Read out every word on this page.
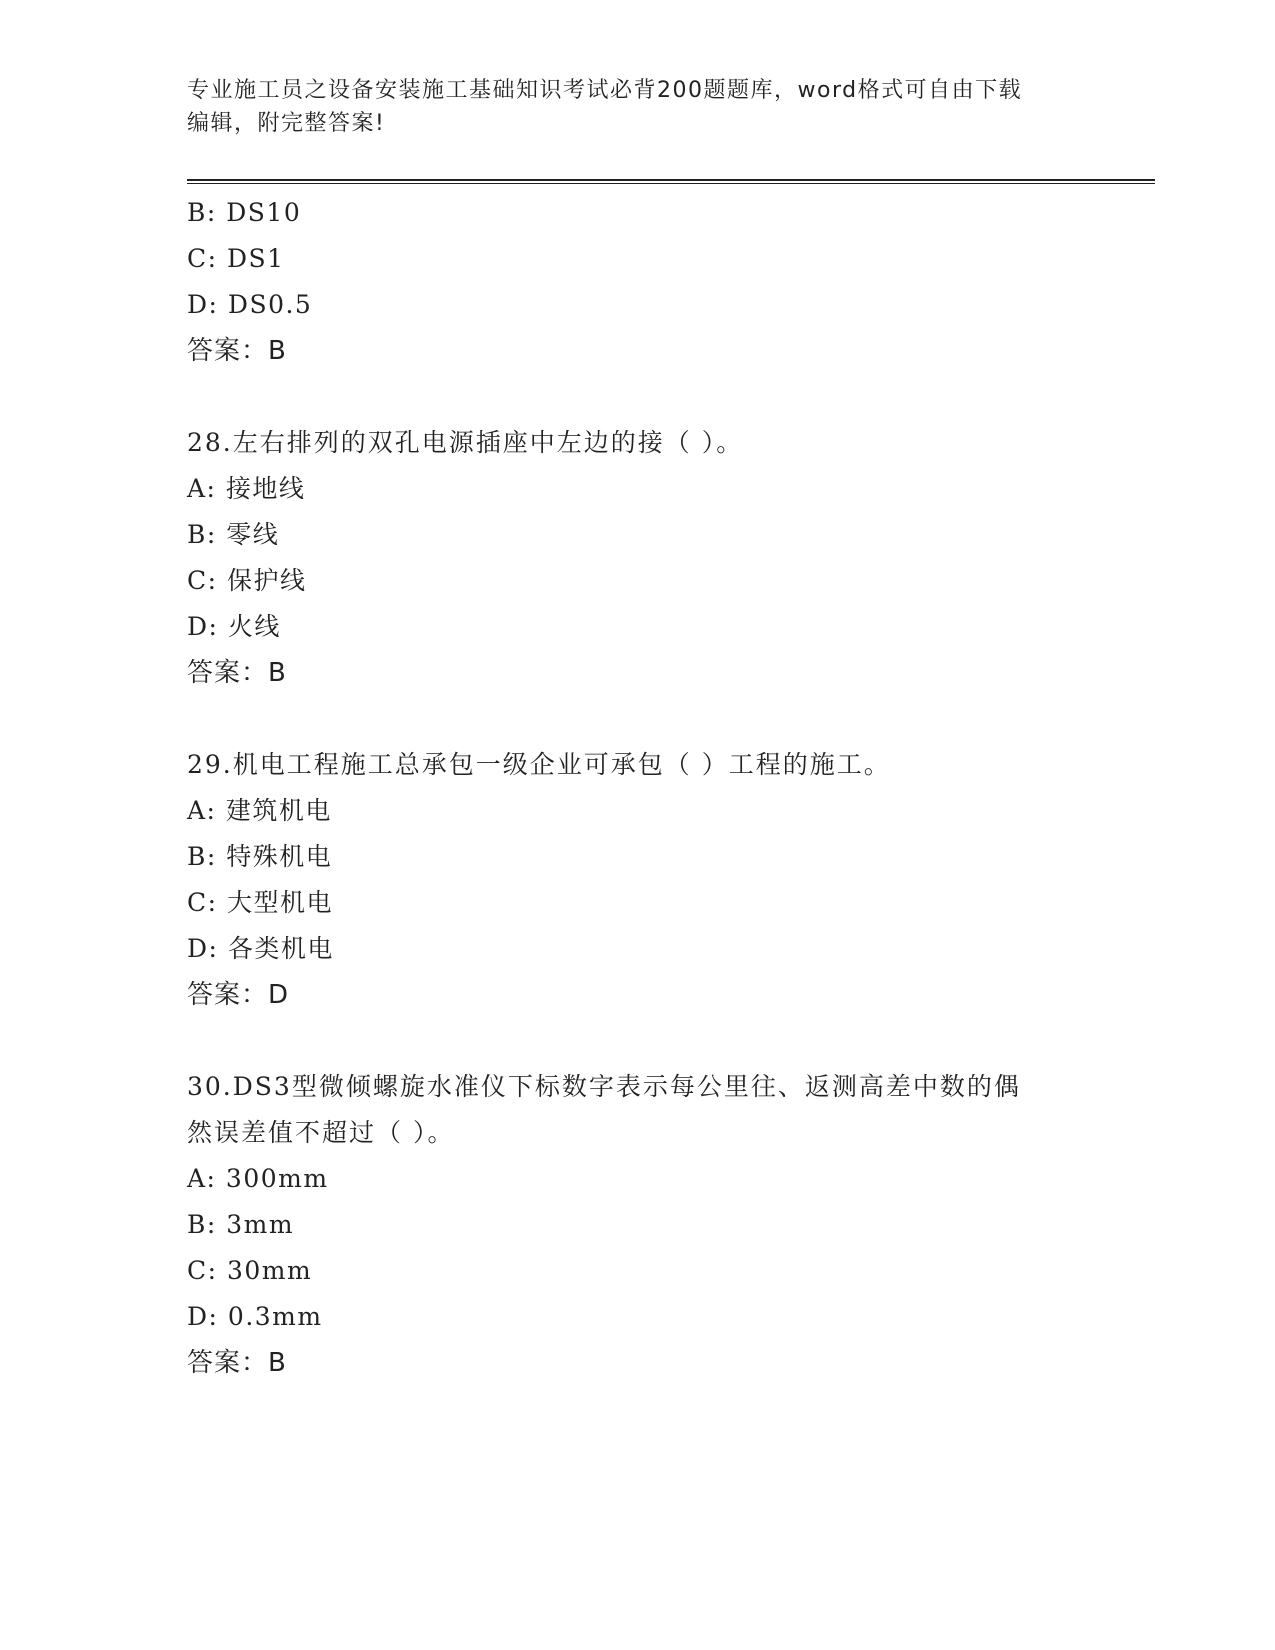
专业施工员之设备安装施工基础知识考试必背200题题库，word格式可自由下载
编辑，附完整答案!
B: DS10
C: DS1
D: DS0.5
答案：B
28.左右排列的双孔电源插座中左边的接（ ）。
A: 接地线
B: 零线
C: 保护线
D: 火线
答案：B
29.机电工程施工总承包一级企业可承包（ ）工程的施工。
A: 建筑机电
B: 特殊机电
C: 大型机电
D: 各类机电
答案：D
30.DS3型微倾螺旋水准仪下标数字表示每公里往、返测高差中数的偶
然误差值不超过（ ）。
A: 300mm
B: 3mm
C: 30mm
D: 0.3mm
答案：B
